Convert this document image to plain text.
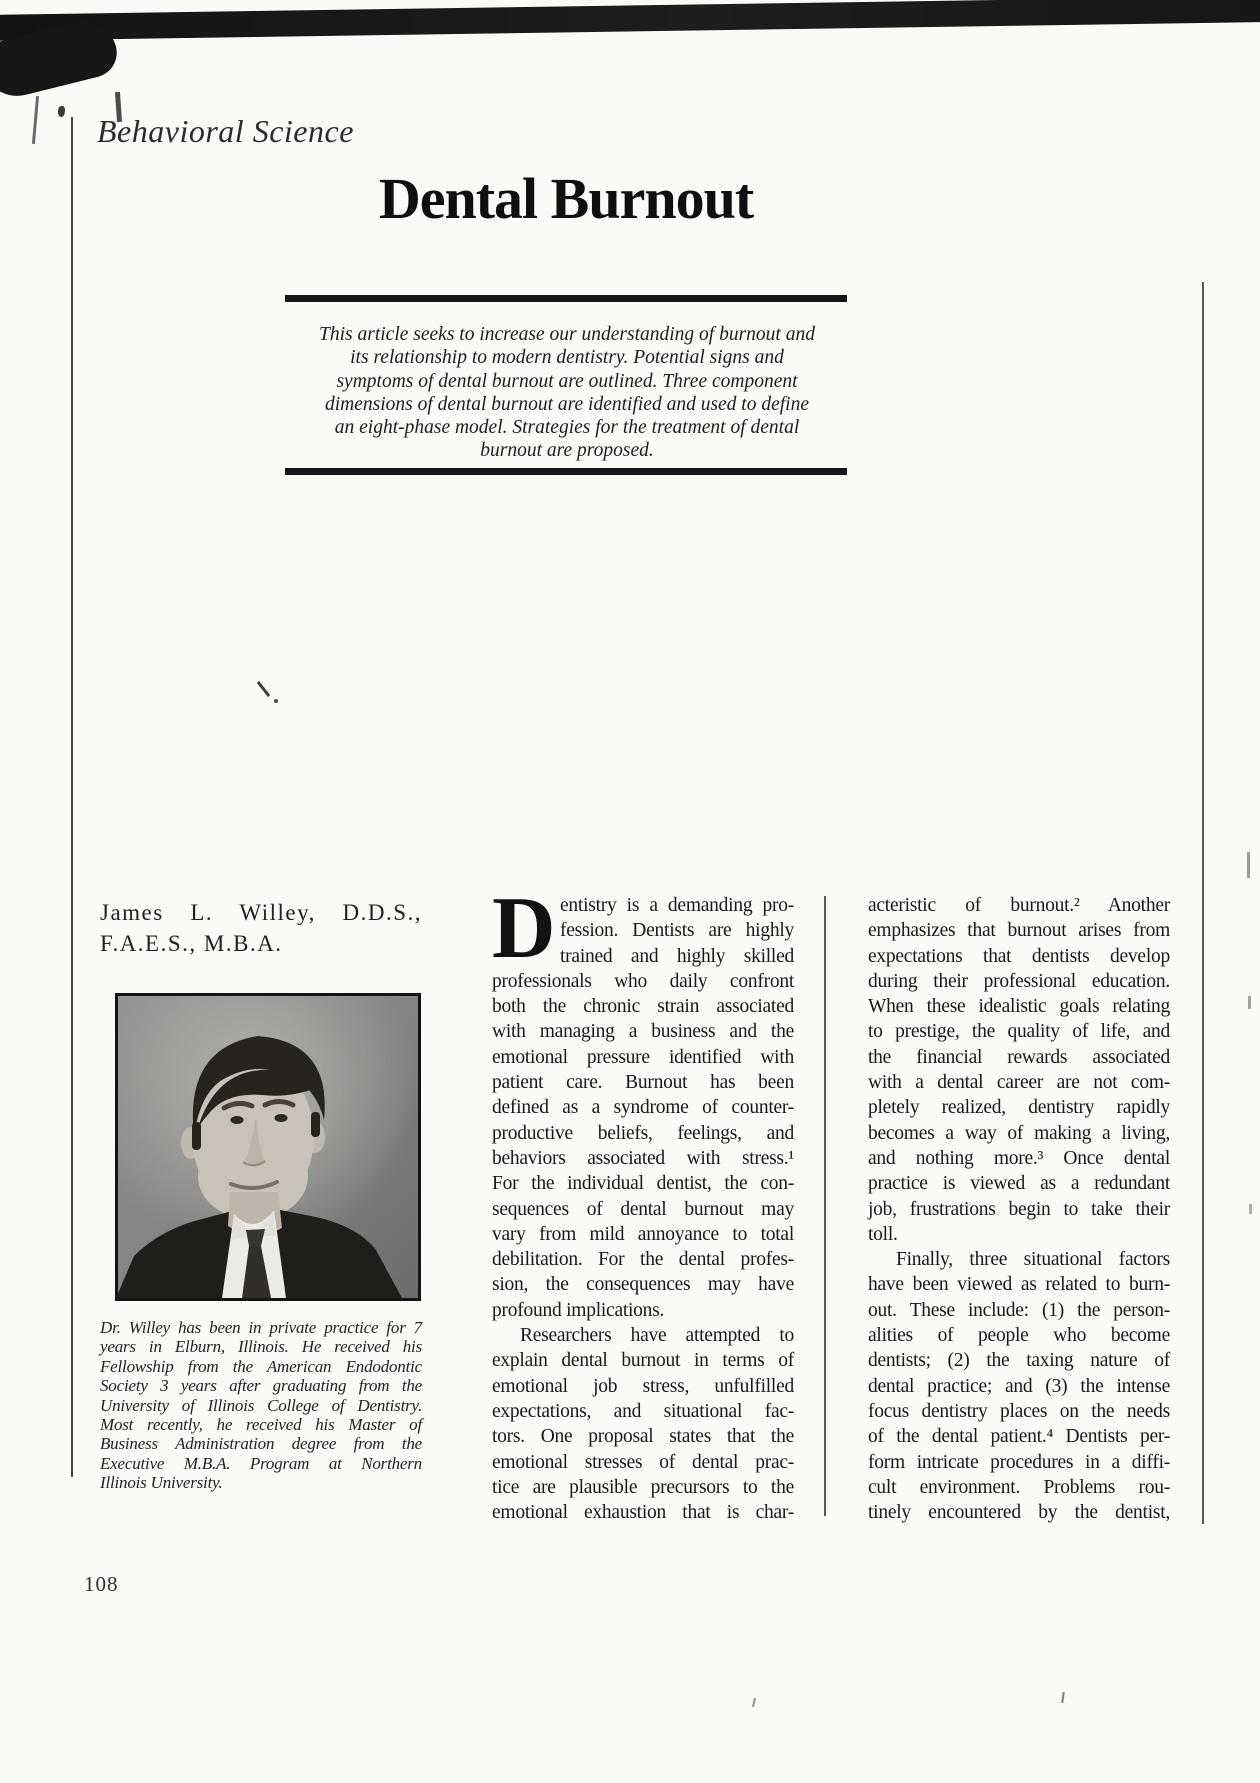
Behavioral Science
Dental Burnout
This article seeks to increase our understanding of burnout and
its relationship to modern dentistry. Potential signs and
symptoms of dental burnout are outlined. Three component
dimensions of dental burnout are identified and used to define
an eight-phase model. Strategies for the treatment of dental
burnout are proposed.
James L. Willey, D.D.S.,
F.A.E.S., M.B.A.
Dr. Willey has been in private practice for 7
years in Elburn, Illinois. He received his
Fellowship from the American Endodontic
Society 3 years after graduating from the
University of Illinois College of Dentistry.
Most recently, he received his Master of
Business Administration degree from the
Executive M.B.A. Program at Northern
Illinois University.
D entistry is a demanding pro-
fession. Dentists are highly
trained and highly skilled
professionals who daily confront
both the chronic strain associated
with managing a business and the
emotional pressure identified with
patient care. Burnout has been
defined as a syndrome of counter-
productive beliefs, feelings, and
behaviors associated with stress.¹
For the individual dentist, the con-
sequences of dental burnout may
vary from mild annoyance to total
debilitation. For the dental profes-
sion, the consequences may have
profound implications.
Researchers have attempted to
explain dental burnout in terms of
emotional job stress, unfulfilled
expectations, and situational fac-
tors. One proposal states that the
emotional stresses of dental prac-
tice are plausible precursors to the
emotional exhaustion that is char-
acteristic of burnout.² Another
emphasizes that burnout arises from
expectations that dentists develop
during their professional education.
When these idealistic goals relating
to prestige, the quality of life, and
the financial rewards associated
with a dental career are not com-
pletely realized, dentistry rapidly
becomes a way of making a living,
and nothing more.³ Once dental
practice is viewed as a redundant
job, frustrations begin to take their
toll.
Finally, three situational factors
have been viewed as related to burn-
out. These include: (1) the person-
alities of people who become
dentists; (2) the taxing nature of
dental practice; and (3) the intense
focus dentistry places on the needs
of the dental patient.⁴ Dentists per-
form intricate procedures in a diffi-
cult environment. Problems rou-
tinely encountered by the dentist,
108
